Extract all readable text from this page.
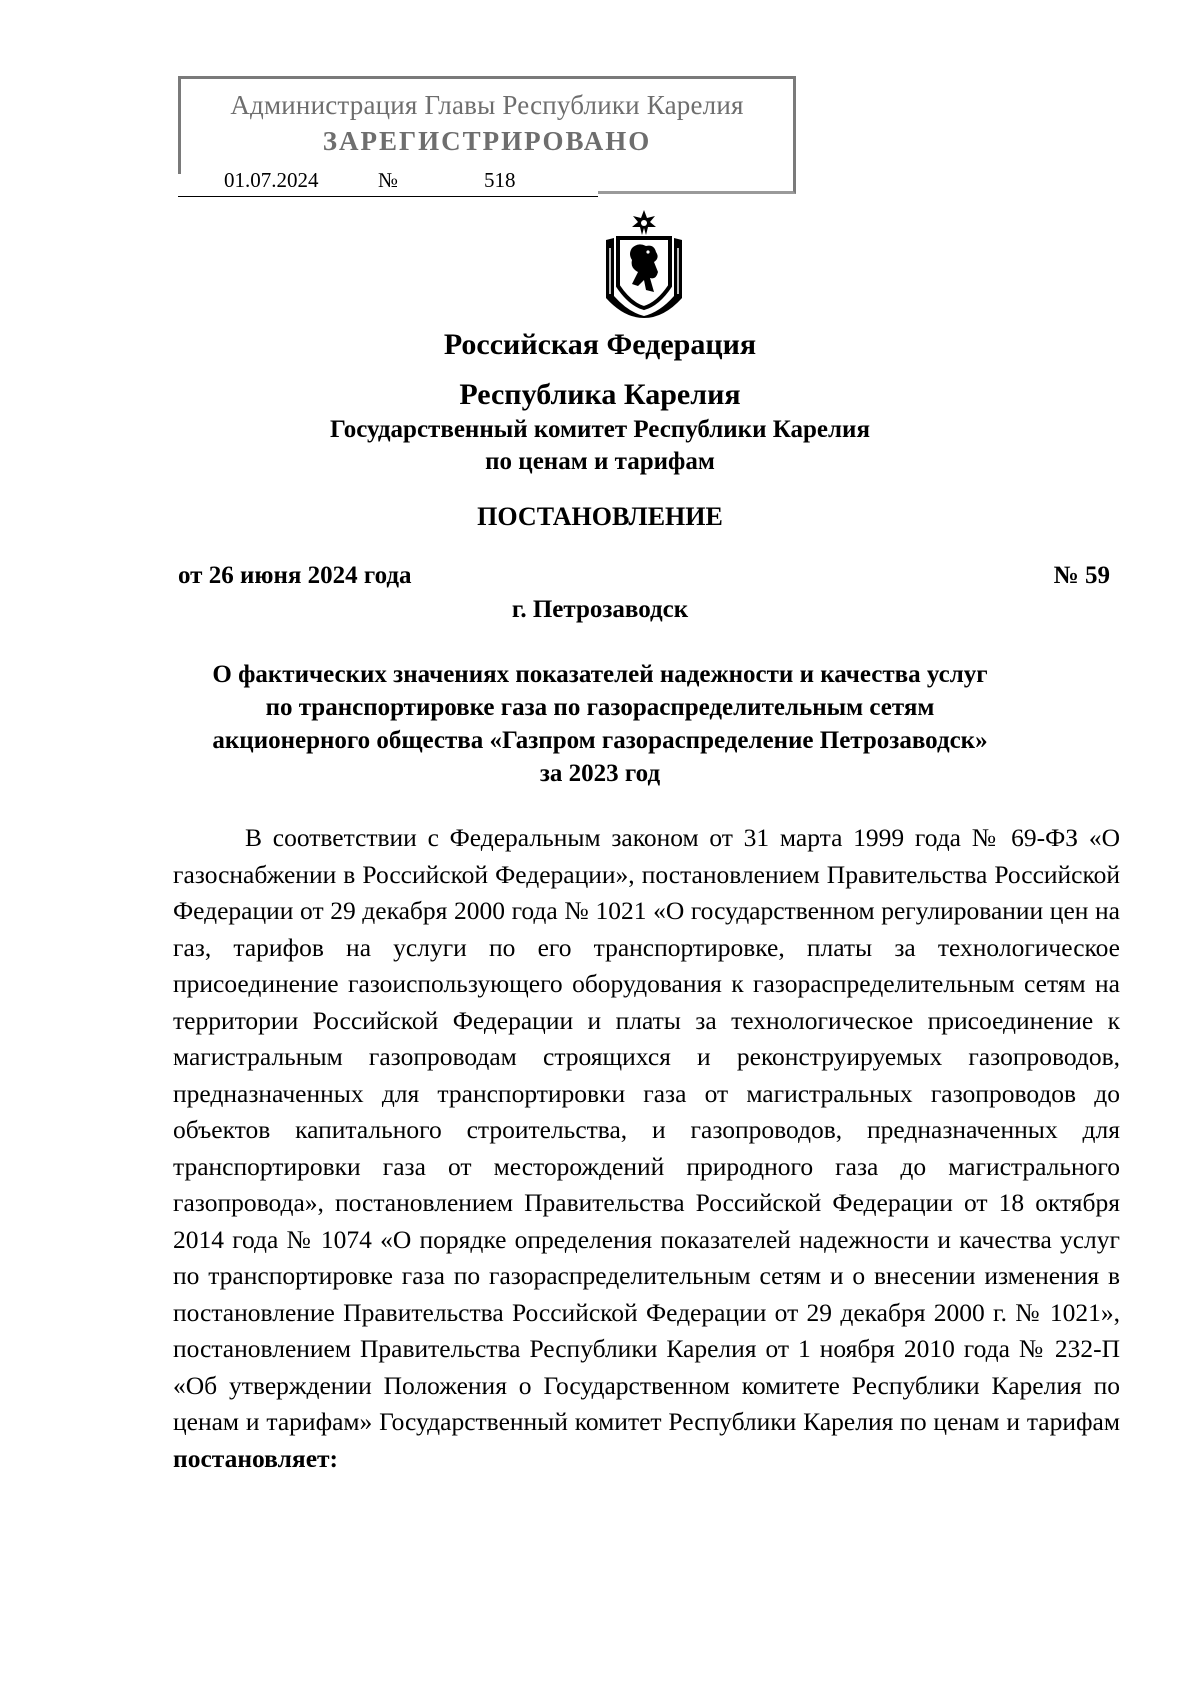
Администрация Главы Республики Карелия
ЗАРЕГИСТРИРОВАНО
01.07.2024	№	518
Российская Федерация
Республика Карелия
Государственный комитет Республики Карелия
по ценам и тарифам
ПОСТАНОВЛЕНИЕ
от 26 июня 2024 года	№ 59
г. Петрозаводск
О фактических значениях показателей надежности и качества услуг
по транспортировке газа по газораспределительным сетям
акционерного общества «Газпром газораспределение Петрозаводск»
за 2023 год

В соответствии с Федеральным законом от 31 марта 1999 года № 69-ФЗ «О газоснабжении в Российской Федерации», постановлением Правительства Российской Федерации от 29 декабря 2000 года № 1021 «О государственном регулировании цен на газ, тарифов на услуги по его транспортировке, платы за технологическое присоединение газоиспользующего оборудования к газораспределительным сетям на территории Российской Федерации и платы за технологическое присоединение к магистральным газопроводам строящихся и реконструируемых газопроводов, предназначенных для транспортировки газа от магистральных газопроводов до объектов капитального строительства, и газопроводов, предназначенных для транспортировки газа от месторождений природного газа до магистрального газопровода», постановлением Правительства Российской Федерации от 18 октября 2014 года № 1074 «О порядке определения показателей надежности и качества услуг по транспортировке газа по газораспределительным сетям и о внесении изменения в постановление Правительства Российской Федерации от 29 декабря 2000 г. № 1021», постановлением Правительства Республики Карелия от 1 ноября 2010 года № 232-П «Об утверждении Положения о Государственном комитете Республики Карелия по ценам и тарифам» Государственный комитет Республики Карелия по ценам и тарифам постановляет:
